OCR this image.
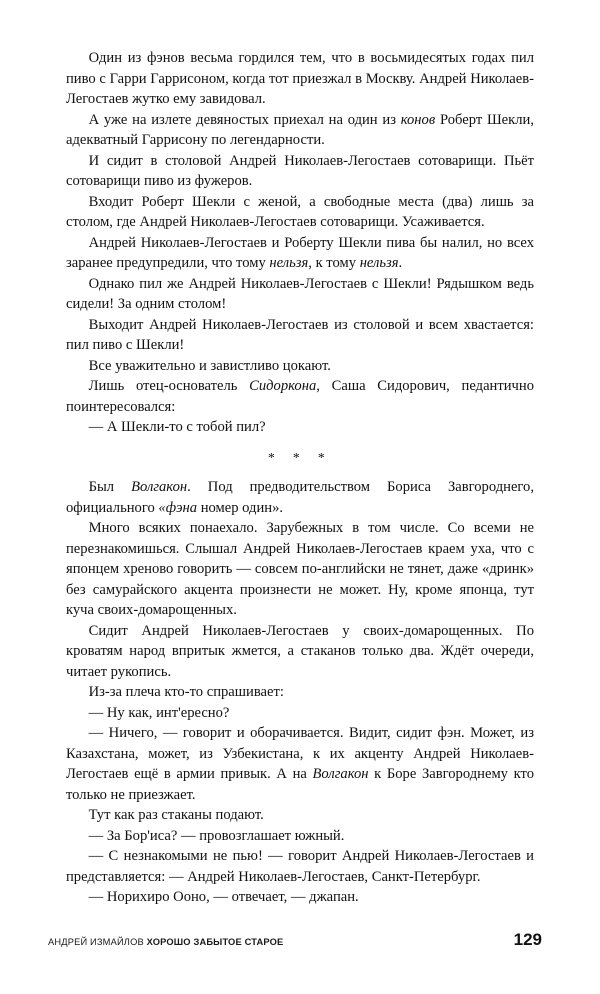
Один из фэнов весьма гордился тем, что в восьмидесятых годах пил пиво с Гарри Гаррисоном, когда тот приезжал в Москву. Андрей Николаев-Легостаев жутко ему завидовал.

А уже на излете девяностых приехал на один из конов Роберт Шекли, адекватный Гаррисону по легендарности.

И сидит в столовой Андрей Николаев-Легостаев сотоварищи. Пьёт сотоварищи пиво из фужеров.

Входит Роберт Шекли с женой, а свободные места (два) лишь за столом, где Андрей Николаев-Легостаев сотоварищи. Усаживается.

Андрей Николаев-Легостаев и Роберту Шекли пива бы налил, но всех заранее предупредили, что тому нельзя, к тому нельзя.

Однако пил же Андрей Николаев-Легостаев с Шекли! Рядышком ведь сидели! За одним столом!

Выходит Андрей Николаев-Легостаев из столовой и всем хвастается: пил пиво с Шекли!

Все уважительно и завистливо цокают.

Лишь отец-основатель Сидоркона, Саша Сидорович, педантично поинтересовался:

— А Шекли-то с тобой пил?

* * *

Был Волгакон. Под предводительством Бориса Завгороднего, официального «фэна номер один».

Много всяких понаехало. Зарубежных в том числе. Со всеми не перезнакомишься. Слышал Андрей Николаев-Легостаев краем уха, что с японцем хреново говорить — совсем по-английски не тянет, даже «дринк» без самурайского акцента произнести не может. Ну, кроме японца, тут куча своих-домарощенных.

Сидит Андрей Николаев-Легостаев у своих-домарощенных. По кроватям народ впритык жмется, а стаканов только два. Ждёт очереди, читает рукопись.

Из-за плеча кто-то спрашивает:

— Ну как, инт'ересно?

— Ничего, — говорит и оборачивается. Видит, сидит фэн. Может, из Казахстана, может, из Узбекистана, к их акценту Андрей Николаев-Легостаев ещё в армии привык. А на Волгакон к Боре Завгороднему кто только не приезжает.

Тут как раз стаканы подают.

— За Бор'иса? — провозглашает южный.

— С незнакомыми не пью! — говорит Андрей Николаев-Легостаев и представляется: — Андрей Николаев-Легостаев, Санкт-Петербург.

— Норихиро Ооно, — отвечает, — джапан.

АНДРЕЙ ИЗМАЙЛОВ ХОРОШО ЗАБЫТОЕ СТАРОЕ	129
